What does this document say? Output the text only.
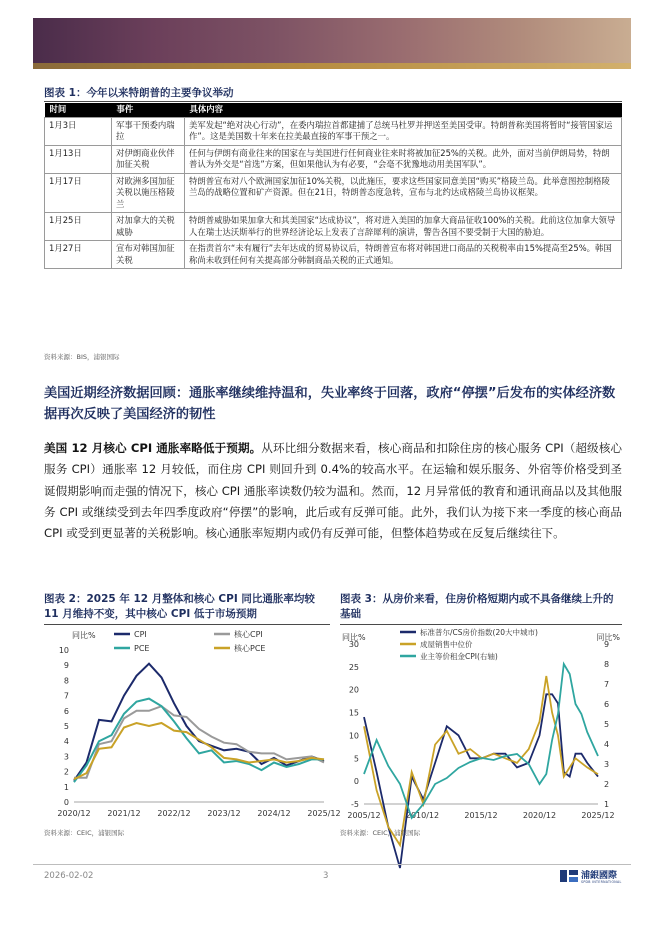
图表 1：今年以来特朗普的主要争议举动
时间	事件	具体内容
1月3日	军事干预委内瑞拉	美军发起“绝对决心行动”，在委内瑞拉首都建捕了总统马杜罗并押送至美国受审。特朗普称美国将暂时“接管国家运作”。这是美国数十年来在拉美最直接的军事干预之一。
1月13日	对伊朗商业伙伴加征关税	任何与伊朗有商业往来的国家在与美国进行任何商业往来时将被加征25%的关税。此外，面对当前伊朗局势，特朗普认为外交是“首选”方案，但如果他认为有必要，“会毫不犹豫地动用美国军队”。
1月17日	对欧洲多国加征关税以施压格陵兰	特朗普宣布对八个欧洲国家加征10%关税，以此施压，要求这些国家同意美国“购买”格陵兰岛。此举意图控制格陵兰岛的战略位置和矿产资源。但在21日，特朗普态度急转，宣布与北约达成格陵兰岛协议框架。
1月25日	对加拿大的关税威胁	特朗普威胁如果加拿大和其美国家“达成协议”，将对进入美国的加拿大商品征收100%的关税。此前这位加拿大领导人在瑞士达沃斯举行的世界经济论坛上发表了言辞犀利的演讲，警告各国不要受制于大国的胁迫。
1月27日	宣布对韩国加征关税	在指责首尔“未有履行”去年达成的贸易协议后，特朗普宣布将对韩国进口商品的关税税率由15%提高至25%。韩国称尚未收到任何有关提高部分韩制商品关税的正式通知。
资料来源：BIS，浦银国际
美国近期经济数据回顾：通胀率继续维持温和，失业率终于回落，政府“停摆”后发布的实体经济数据再次反映了美国经济的韧性
美国 12 月核心 CPI 通胀率略低于预期。从环比细分数据来看，核心商品和扣除住房的核心服务 CPI（超级核心服务 CPI）通胀率 12 月较低，而住房 CPI 则回升到 0.4%的较高水平。在运输和娱乐服务、外宿等价格受到圣诞假期影响而走强的情况下，核心 CPI 通胀率读数仍较为温和。然而，12 月异常低的教育和通讯商品以及其他服务 CPI 或继续受到去年四季度政府“停摆”的影响，此后或有反弹可能。此外，我们认为接下来一季度的核心商品 CPI 或受到更显著的关税影响。核心通胀率短期内或仍有反弹可能，但整体趋势或在反复后继续往下。
图表 2：2025 年 12 月整体和核心 CPI 同比通胀率均较 11 月维持不变，其中核心 CPI 低于市场预期
0
1
2
3
4
5
6
7
8
9
10
同比%
2020/12 2021/12 2022/12 2023/12 2024/12 2025/12
CPI	核心CPI
PCE	核心PCE
资料来源：CEIC，浦银国际
图表 3：从房价来看，住房价格短期内或不具备继续上升的基础
-5
0
5
10
15
20
25
30
1
2
3
4
5
6
7
8
9
同比%	同比%
2005/12	2010/12	2015/12	2020/12	2025/12
标准普尔/CS房价指数(20大中城市)
成屋销售中位价
业主等价租金CPI(右轴)
资料来源：CEIC，浦银国际
2026-02-02	3	浦銀國際
SPDB INTERNATIONAL
